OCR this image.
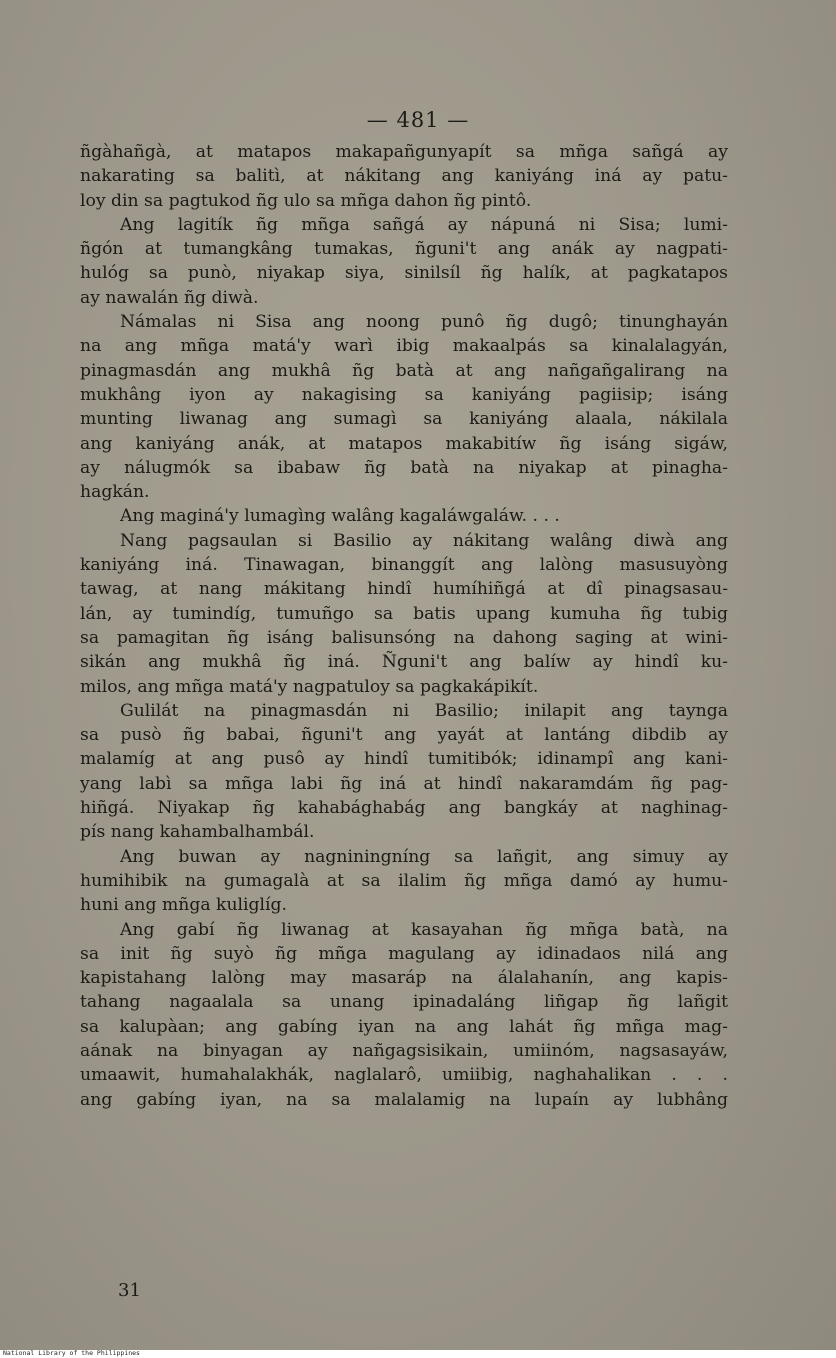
— 481 —

ñgàhañgà, at matapos makapañgunyapít sa mñga sañgá ay
nakarating sa balitì, at nákitang ang kaniyáng iná ay patu-
loy din sa pagtukod ñg ulo sa mñga dahon ñg pintô.

Ang lagitík ñg mñga sañgá ay nápuná ni Sisa; lumi-
ñgón at tumangkâng tumakas, ñguni't ang anák ay nagpati-
hulóg sa punò, niyakap siya, sinilsíl ñg halík, at pagkatapos
ay nawalán ñg diwà.

Námalas ni Sisa ang noong punô ñg dugô; tinunghayán
na ang mñga matá'y warì ibig makaalpás sa kinalalagyán,
pinagmasdán ang mukhâ ñg batà at ang nañgañgalirang na
mukhâng iyon ay nakagising sa kaniyáng pagiisip; isáng
munting liwanag ang sumagì sa kaniyáng alaala, nákilala
ang kaniyáng anák, at matapos makabitíw ñg isáng sigáw,
ay nálugmók sa ibabaw ñg batà na niyakap at pinagha-
hagkán.

Ang maginá'y lumagìng walâng kagaláwgaláw. . . .

Nang pagsaulan si Basilio ay nákitang walâng diwà ang
kaniyáng iná. Tinawagan, binanggít ang lalòng masusuyòng
tawag, at nang mákitang hindî humíhiñgá at dî pinagsasau-
lán, ay tumindíg, tumuñgo sa batis upang kumuha ñg tubig
sa pamagitan ñg isáng balisunsóng na dahong saging at wini-
sikán ang mukhâ ñg iná. Ñguni't ang balíw ay hindî ku-
milos, ang mñga matá'y nagpatuloy sa pagkakápikít.

Gulilát na pinagmasdán ni Basilio; inilapit ang taynga
sa pusò ñg babai, ñguni't ang yayát at lantáng dibdib ay
malamíg at ang pusô ay hindî tumitibók; idinampî ang kani-
yang labì sa mñga labi ñg iná at hindî nakaramdám ñg pag-
hiñgá. Niyakap ñg kahabághabág ang bangkáy at naghinag-
pís nang kahambalhambál.

Ang buwan ay nagniningníng sa lañgit, ang simuy ay
humihibik na gumagalà at sa ilalim ñg mñga damó ay humu-
huni ang mñga kuliglíg.

Ang gabí ñg liwanag at kasayahan ñg mñga batà, na
sa init ñg suyò ñg mñga magulang ay idinadaos nilá ang
kapistahang lalòng may masaráp na álalahanín, ang kapis-
tahang nagaalala sa unang ipinadaláng liñgap ñg lañgit
sa kalupàan; ang gabíng iyan na ang lahát ñg mñga mag-
aának na binyagan ay nañgagsisikain, umiinóm, nagsasayáw,
umaawit, humahalakhák, naglalarô, umiibig, naghahalikan . . .
ang gabíng iyan, na sa malalamig na lupaín ay lubhâng

31
National Library of the Philippines
